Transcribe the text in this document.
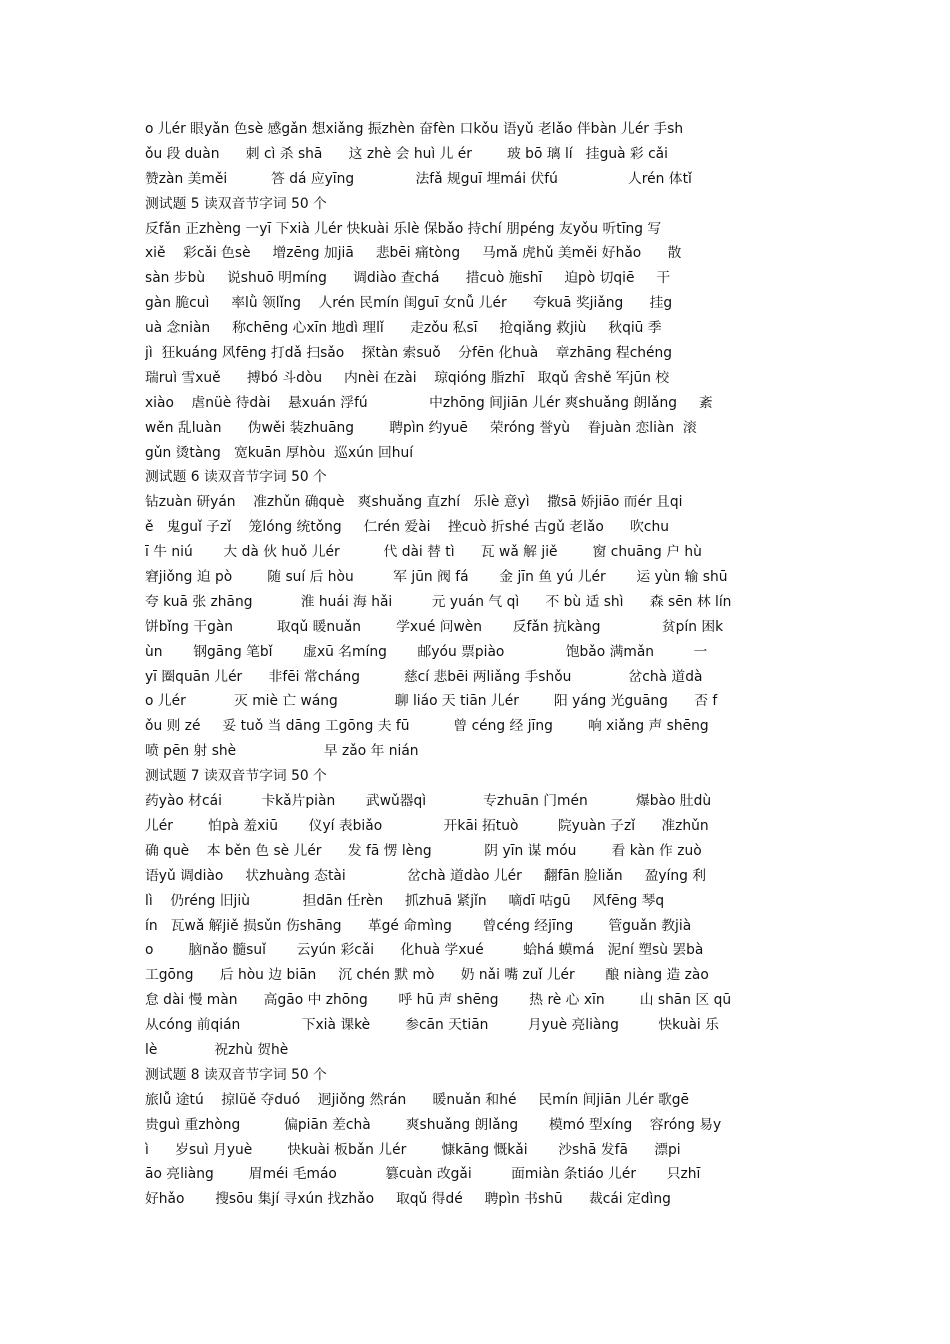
o 儿ér 眼yǎn 色sè 感gǎn 想xiǎng 振zhèn 奋fèn 口kǒu 语yǔ 老lǎo 伴bàn 儿ér 手sh
ǒu 段 duàn      刺 cì 杀 shā      这 zhè 会 huì 儿 ér        玻 bō 璃 lí   挂guà 彩 cǎi
赞zàn 美měi          答 dá 应yīng              法fǎ 规guī 埋mái 伏fú                人rén 体tǐ
测试题 5 读双音节字词 50 个
反fǎn 正zhèng 一yī 下xià 儿ér 快kuài 乐lè 保bǎo 持chí 朋péng 友yǒu 听tīng 写
xiě    彩cǎi 色sè     增zēng 加jiā     悲bēi 痛tòng     马mǎ 虎hǔ 美měi 好hǎo      散
sàn 步bù     说shuō 明míng      调diào 查chá      措cuò 施shī     迫pò 切qiē     干
gàn 脆cuì     率lǜ 领lǐng    人rén 民mín 闺guī 女nǚ 儿ér      夸kuā 奖jiǎng      挂g
uà 念niàn     称chēng 心xīn 地dì 理lǐ      走zǒu 私sī     抢qiǎng 救jiù     秋qiū 季
jì  狂kuáng 风fēng 打dǎ 扫sǎo    探tàn 索suǒ    分fēn 化huà    章zhāng 程chéng
瑞ruì 雪xuě      搏bó 斗dòu     内nèi 在zài    琼qióng 脂zhī   取qǔ 舍shě 军jūn 校
xiào    虐nüè 待dài    悬xuán 浮fú              中zhōng 间jiān 儿ér 爽shuǎng 朗lǎng     紊
wěn 乱luàn      伪wěi 装zhuāng        聘pìn 约yuē     荣róng 誉yù    眷juàn 恋liàn  滚
gǔn 烫tàng   宽kuān 厚hòu  巡xún 回huí
测试题 6 读双音节字词 50 个
钻zuàn 研yán    准zhǔn 确què   爽shuǎng 直zhí   乐lè 意yì    撒sā 娇jiāo 而ér 且qi
ě   鬼guǐ 子zǐ    笼lóng 统tǒng     仁rén 爱ài    挫cuò 折shé 古gǔ 老lǎo      吹chu
ī 牛 niú       大 dà 伙 huǒ 儿ér          代 dài 替 tì      瓦 wǎ 解 jiě        窗 chuāng 户 hù
窘jiǒng 迫 pò        随 suí 后 hòu         军 jūn 阀 fá       金 jīn 鱼 yú 儿ér       运 yùn 输 shū
夸 kuā 张 zhāng           淮 huái 海 hǎi         元 yuán 气 qì      不 bù 适 shì      森 sēn 林 lín
饼bǐng 干gàn          取qǔ 暖nuǎn        学xué 问wèn       反fǎn 抗kàng              贫pín 困k
ùn       钢gāng 笔bǐ       虚xū 名míng       邮yóu 票piào              饱bǎo 满mǎn         一
yī 圈quān 儿ér      非fēi 常cháng          慈cí 悲bēi 两liǎng 手shǒu             岔chà 道dà
o 儿ér           灭 miè 亡 wáng             聊 liáo 天 tiān 儿ér        阳 yáng 光guāng      否 f
ǒu 则 zé     妥 tuǒ 当 dāng 工gōng 夫 fū          曾 céng 经 jīng        响 xiǎng 声 shēng
喷 pēn 射 shè                    早 zǎo 年 nián
测试题 7 读双音节字词 50 个
药yào 材cái         卡kǎ片piàn       武wǔ器qì             专zhuān 门mén           爆bào 肚dù
儿ér        怕pà 羞xiū       仪yí 表biǎo              开kāi 拓tuò         院yuàn 子zǐ      准zhǔn
确 què    本 běn 色 sè 儿ér      发 fā 愣 lèng            阴 yīn 谋 móu        看 kàn 作 zuò
语yǔ 调diào     状zhuàng 态tài              岔chà 道dào 儿ér     翻fān 脸liǎn     盈yíng 利
lì    仍réng 旧jiù            担dān 任rèn     抓zhuā 紧jǐn     嘀dī 咕gū     风fēng 琴q
ín   瓦wǎ 解jiě 损sǔn 伤shāng      革gé 命mìng       曾céng 经jīng        管guǎn 教jià
o        脑nǎo 髓suǐ       云yún 彩cǎi      化huà 学xué         蛤há 蟆má   泥ní 塑sù 罢bà
工gōng      后 hòu 边 biān     沉 chén 默 mò      奶 nǎi 嘴 zuǐ 儿ér       酿 niàng 造 zào
怠 dài 慢 màn      高gāo 中 zhōng       呼 hū 声 shēng       热 rè 心 xīn        山 shān 区 qū
从cóng 前qián              下xià 课kè        参cān 天tiān         月yuè 亮liàng         快kuài 乐
lè             祝zhù 贺hè
测试题 8 读双音节字词 50 个
旅lǚ 途tú    掠lüě 夺duó    迥jiǒng 然rán      暖nuǎn 和hé     民mín 间jiān 儿ér 歌gē
贵guì 重zhòng          偏piān 差chà        爽shuǎng 朗lǎng       模mó 型xíng    容róng 易y
ì      岁suì 月yuè        快kuài 板bǎn 儿ér        慷kāng 慨kǎi       沙shā 发fā      漂pi
āo 亮liàng        眉méi 毛máo           篡cuàn 改gǎi         面miàn 条tiáo 儿ér       只zhī
好hǎo       搜sōu 集jí 寻xún 找zhǎo     取qǔ 得dé     聘pìn 书shū      裁cái 定dìng
